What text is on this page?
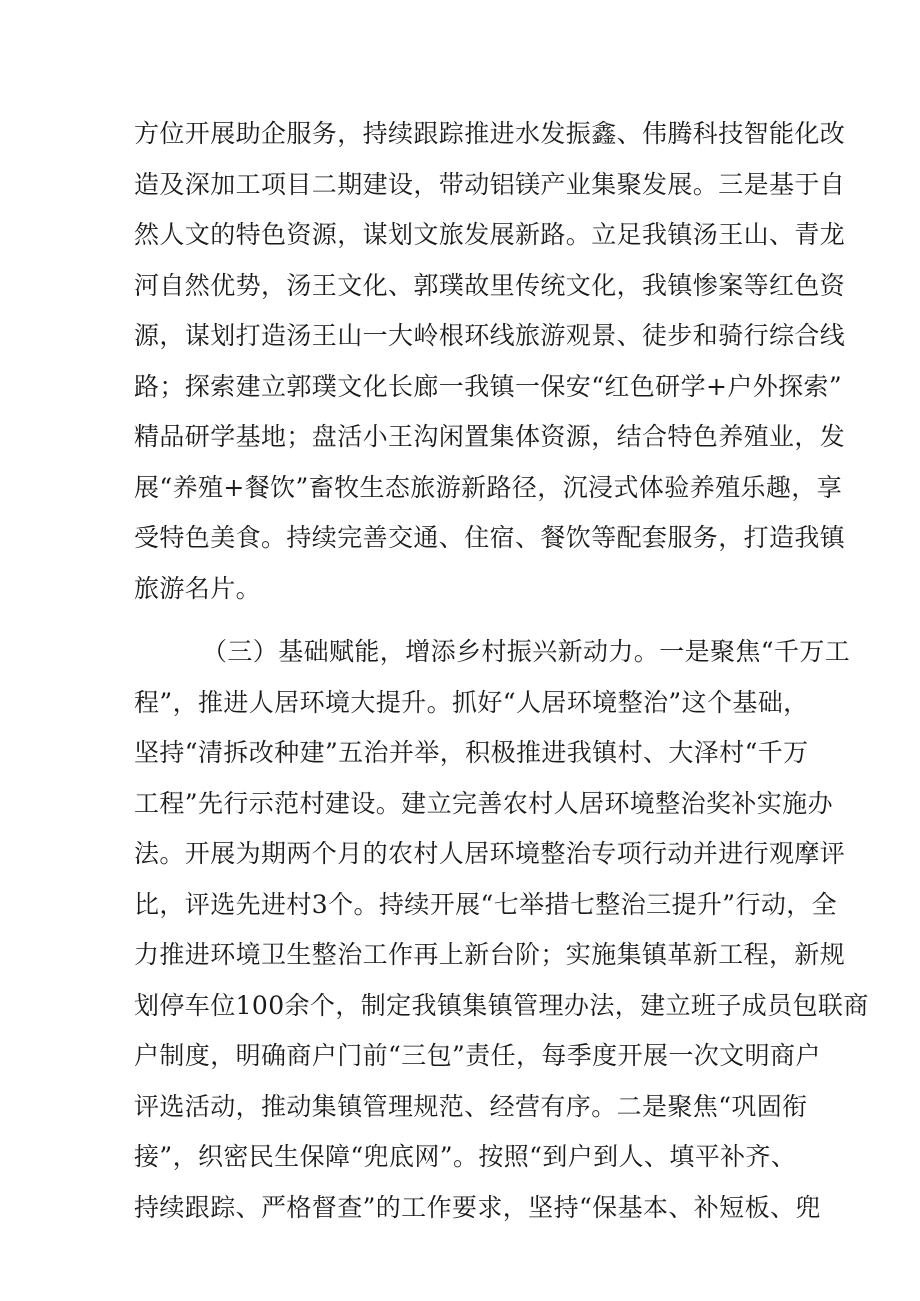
方位开展助企服务，持续跟踪推进水发振鑫、伟腾科技智能化改
造及深加工项目二期建设，带动铝镁产业集聚发展。三是基于自
然人文的特色资源，谋划文旅发展新路。立足我镇汤王山、青龙
河自然优势，汤王文化、郭璞故里传统文化，我镇惨案等红色资
源，谋划打造汤王山一大岭根环线旅游观景、徒步和骑行综合线
路；探索建立郭璞文化长廊一我镇一保安“红色研学+户外探索”
精品研学基地；盘活小王沟闲置集体资源，结合特色养殖业，发
展“养殖+餐饮”畜牧生态旅游新路径，沉浸式体验养殖乐趣，享
受特色美食。持续完善交通、住宿、餐饮等配套服务，打造我镇
旅游名片。
（三）基础赋能，增添乡村振兴新动力。一是聚焦“千万工
程”，推进人居环境大提升。抓好“人居环境整治”这个基础，
坚持“清拆改种建”五治并举，积极推进我镇村、大泽村“千万
工程”先行示范村建设。建立完善农村人居环境整治奖补实施办
法。开展为期两个月的农村人居环境整治专项行动并进行观摩评
比，评选先进村3个。持续开展“七举措七整治三提升”行动，全
力推进环境卫生整治工作再上新台阶；实施集镇革新工程，新规
划停车位100余个，制定我镇集镇管理办法，建立班子成员包联商
户制度，明确商户门前“三包”责任，每季度开展一次文明商户
评选活动，推动集镇管理规范、经营有序。二是聚焦“巩固衔
接”，织密民生保障“兜底网”。按照“到户到人、填平补齐、
持续跟踪、严格督查”的工作要求，坚持“保基本、补短板、兜
